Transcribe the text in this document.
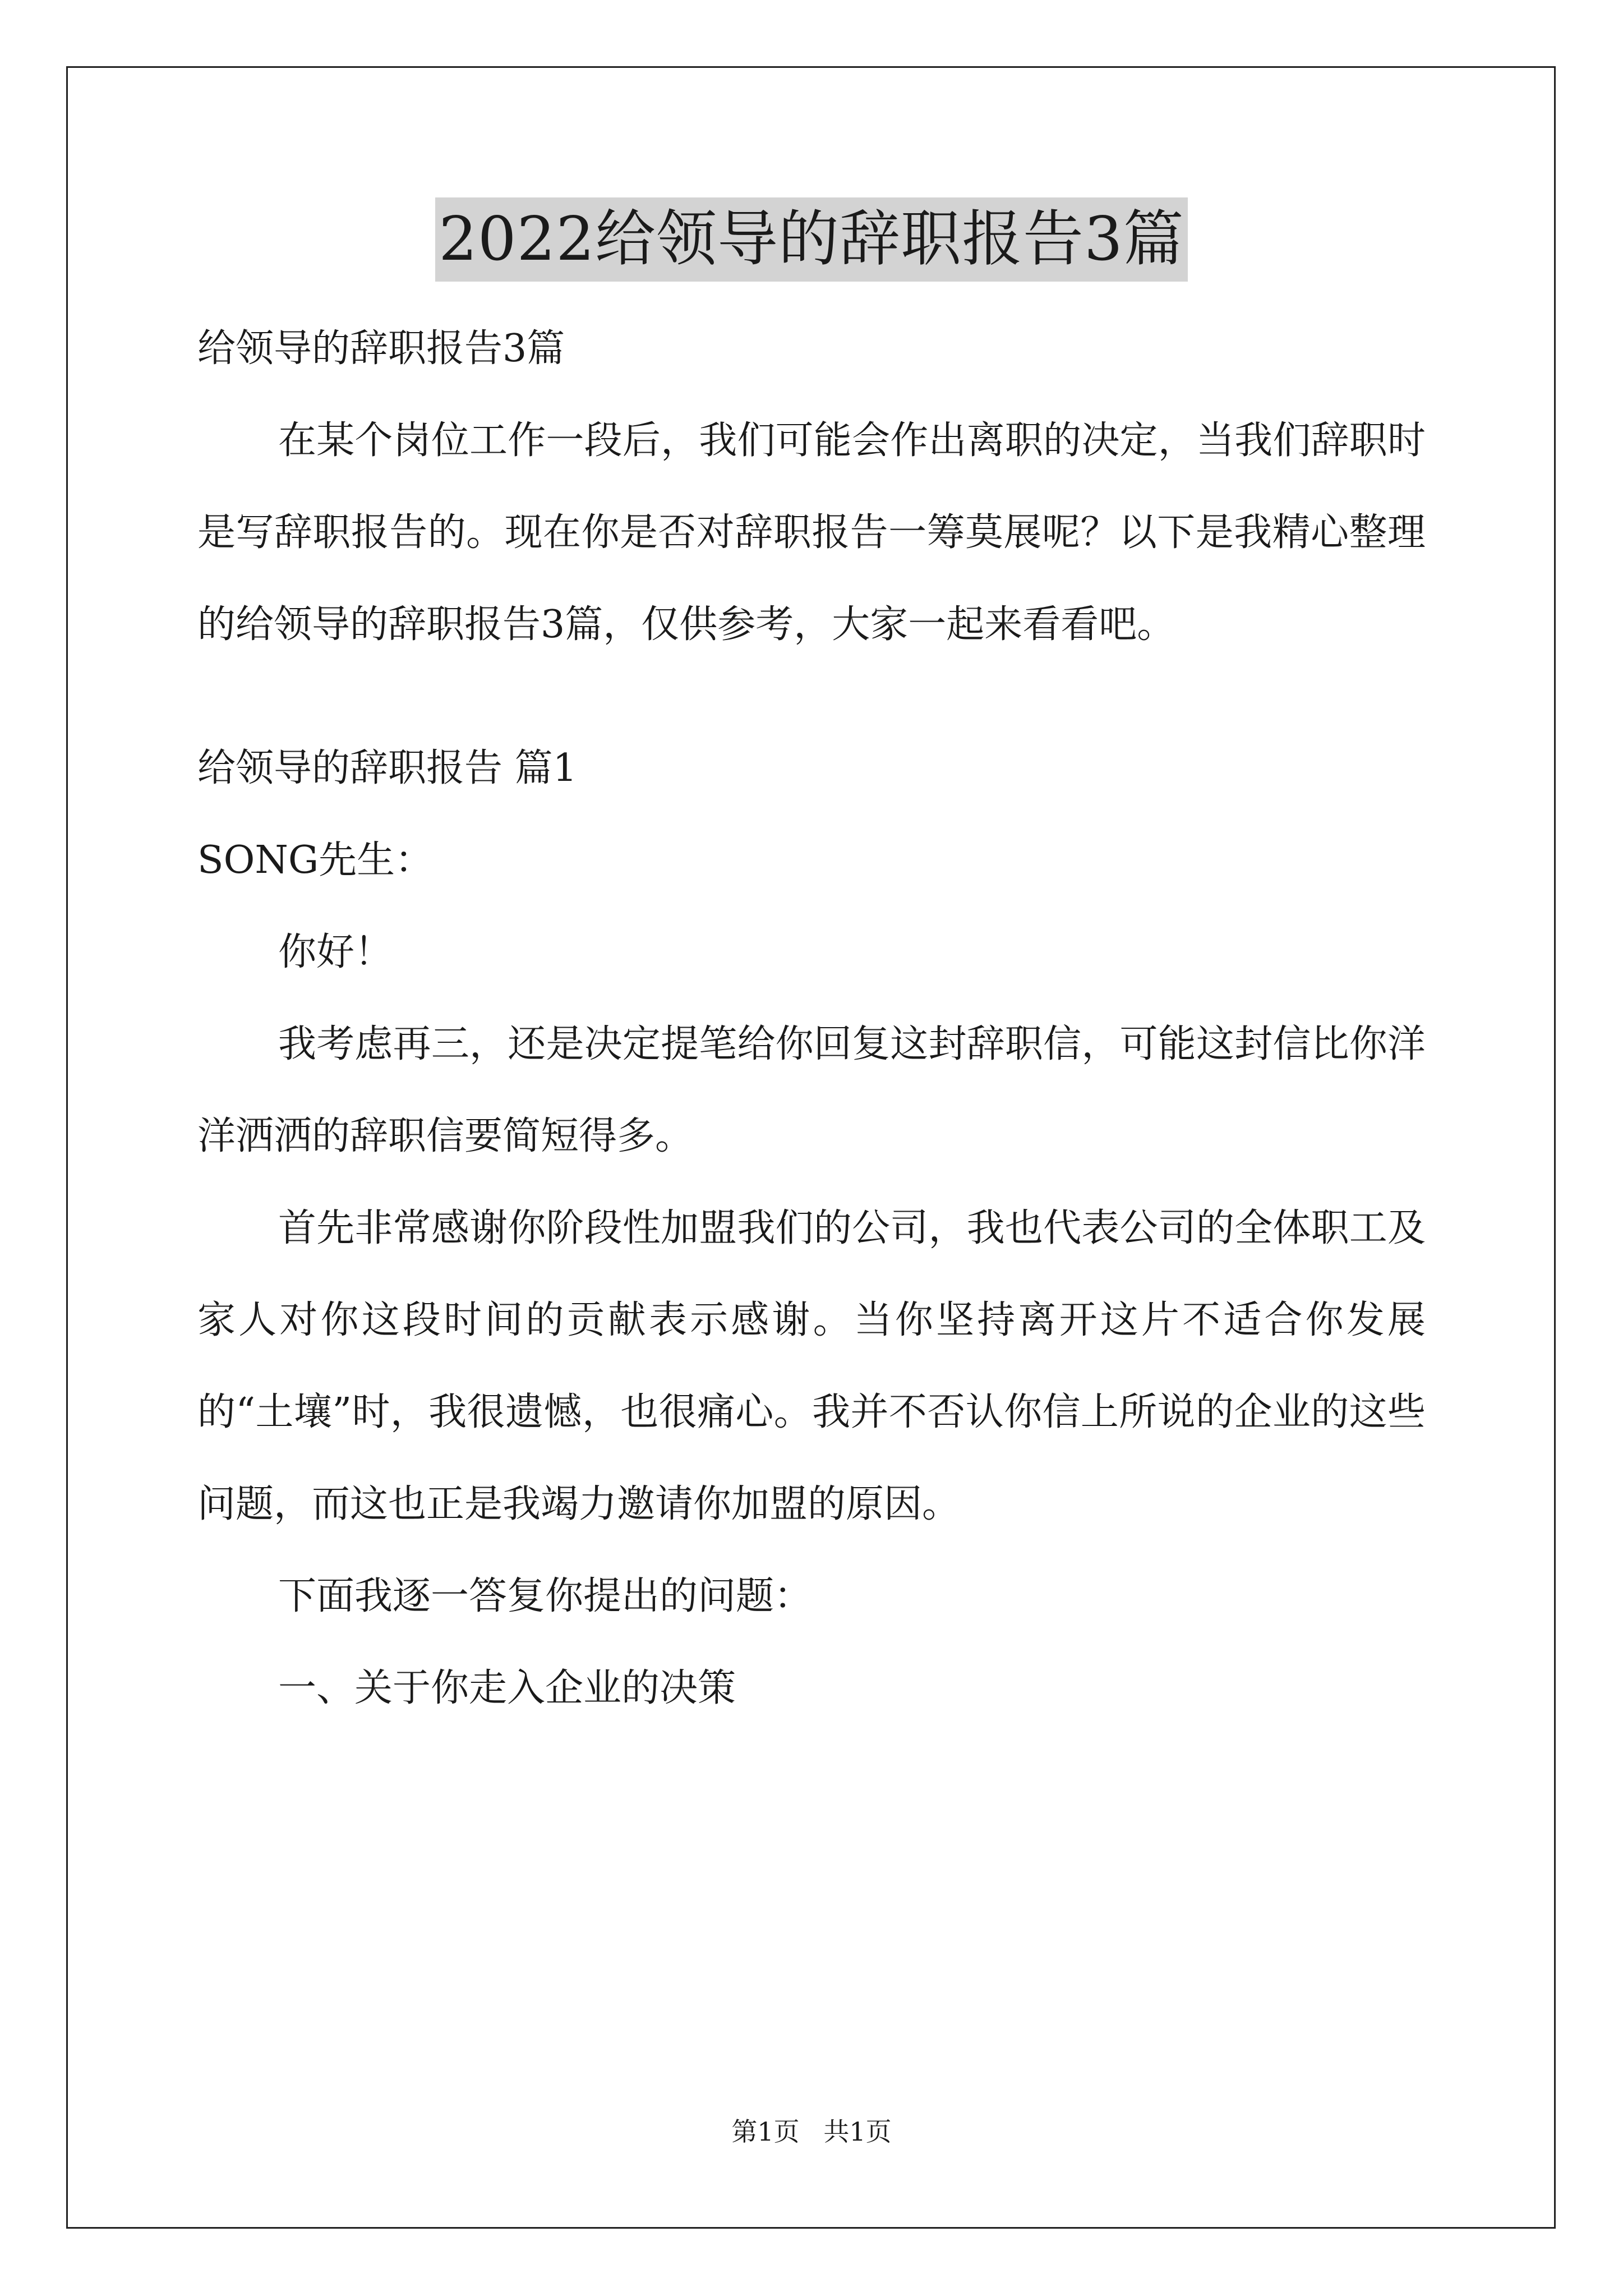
2022给领导的辞职报告3篇

给领导的辞职报告3篇

在某个岗位工作一段后，我们可能会作出离职的决定，当我们辞职时是写辞职报告的。现在你是否对辞职报告一筹莫展呢？以下是我精心整理的给领导的辞职报告3篇，仅供参考，大家一起来看看吧。

给领导的辞职报告 篇1

SONG先生：

你好！

我考虑再三，还是决定提笔给你回复这封辞职信，可能这封信比你洋洋洒洒的辞职信要简短得多。

首先非常感谢你阶段性加盟我们的公司，我也代表公司的全体职工及家人对你这段时间的贡献表示感谢。当你坚持离开这片不适合你发展的“土壤”时，我很遗憾，也很痛心。我并不否认你信上所说的企业的这些问题，而这也正是我竭力邀请你加盟的原因。

下面我逐一答复你提出的问题：

一、关于你走入企业的决策

第1页 共1页
